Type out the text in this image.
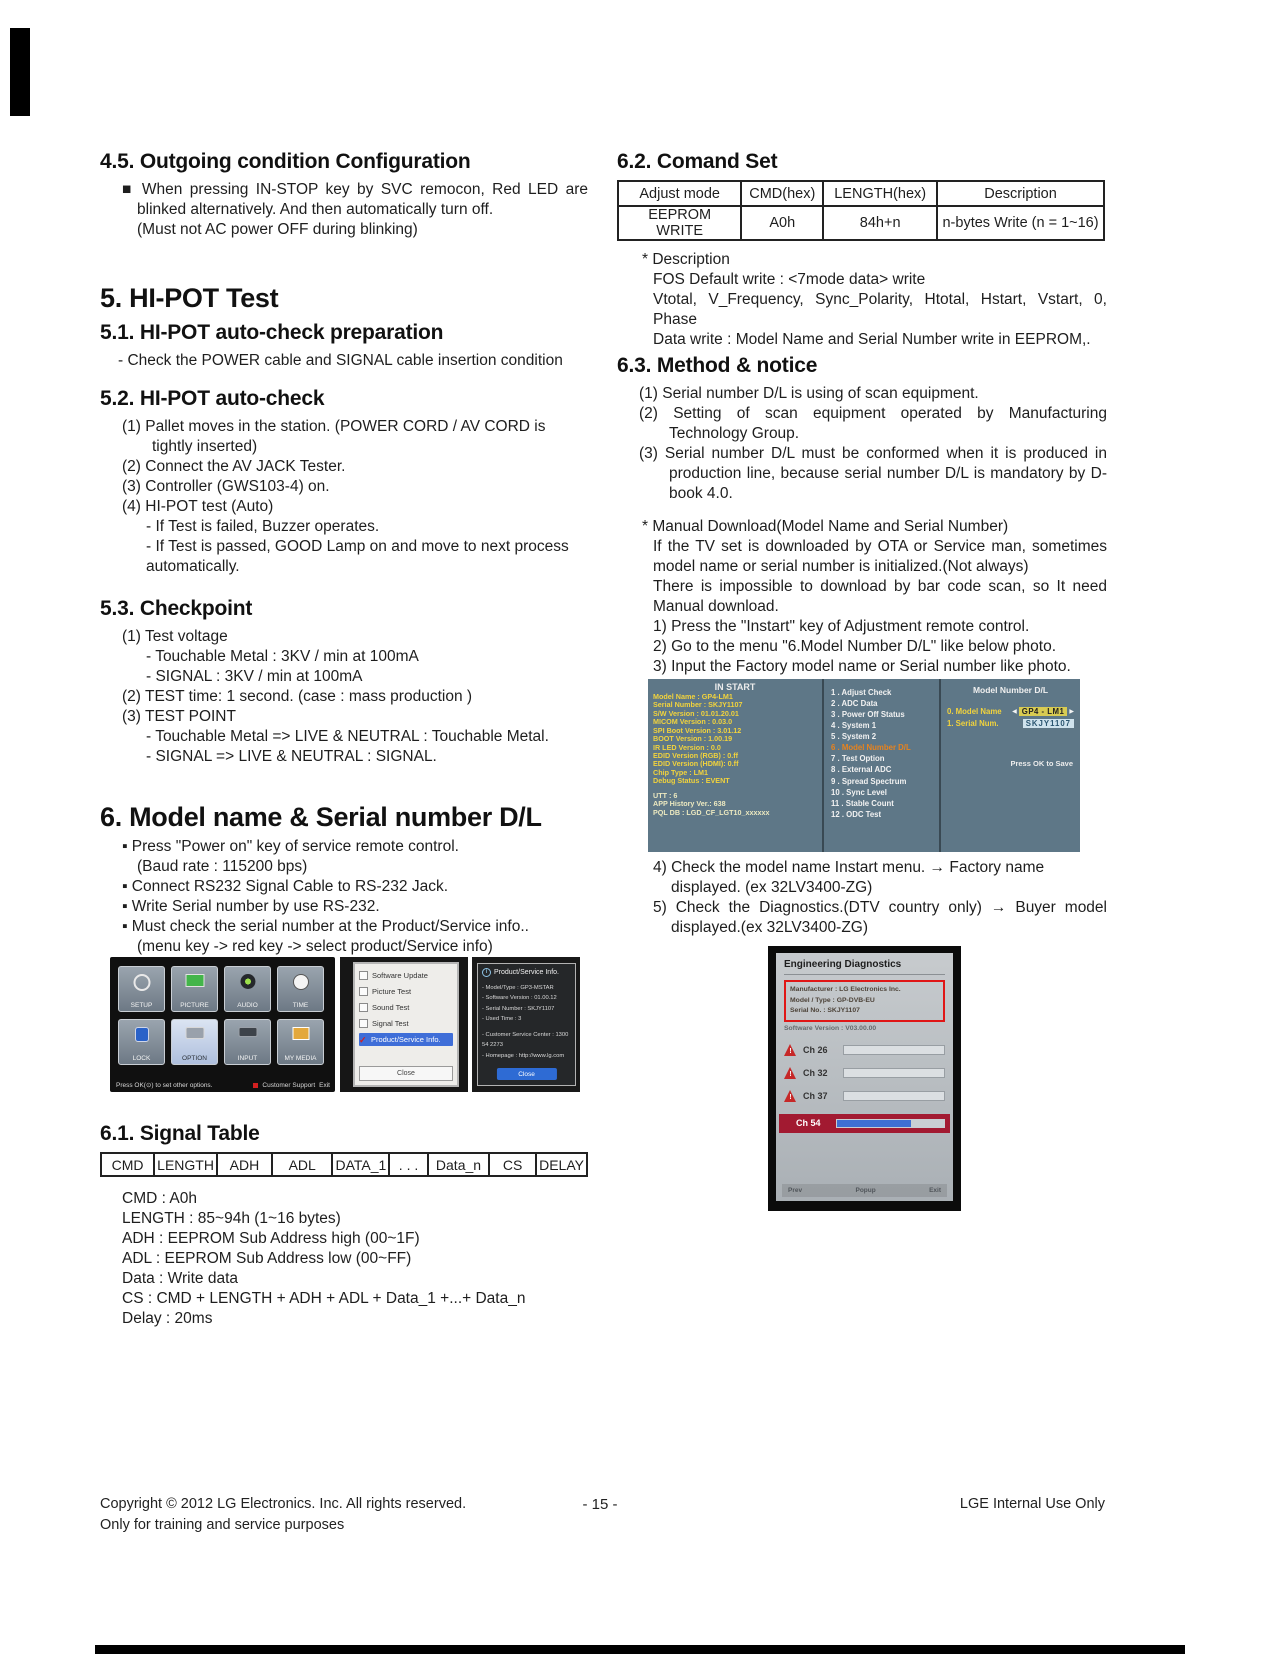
4.5. Outgoing condition Configuration
■ When pressing IN-STOP key by SVC remocon, Red LED are blinked alternatively. And then automatically turn off.
(Must not AC power OFF during blinking)
5. HI-POT Test
5.1. HI-POT auto-check preparation
- Check the POWER cable and SIGNAL cable insertion condition
5.2. HI-POT auto-check
(1) Pallet moves in the station. (POWER CORD / AV CORD is tightly inserted)
(2) Connect the AV JACK Tester.
(3) Controller (GWS103-4) on.
(4) HI-POT test (Auto)
- If Test is failed, Buzzer operates.
- If Test is passed, GOOD Lamp on and move to next process automatically.
5.3. Checkpoint
(1) Test voltage
- Touchable Metal : 3KV / min at 100mA
- SIGNAL : 3KV / min at 100mA
(2) TEST time: 1 second. (case : mass production )
(3) TEST POINT
- Touchable Metal => LIVE & NEUTRAL : Touchable Metal.
- SIGNAL => LIVE & NEUTRAL : SIGNAL.
6. Model name & Serial number D/L
▪ Press "Power on" key of service remote control.
(Baud rate : 115200 bps)
▪ Connect RS232 Signal Cable to RS-232 Jack.
▪ Write Serial number by use RS-232.
▪ Must check the serial number at the Product/Service info..
(menu key -> red key -> select product/Service info)
SETUP	PICTURE	AUDIO	TIME
LOCK	OPTION	INPUT	MY MEDIA
Press OK(⊙) to set other options.	Customer Support Exit
Software Update
Picture Test
Sound Test
Signal Test
✓ Product/Service Info.
Close
i Product/Service Info.
- Model/Type : GP3-MSTAR
- Software Version : 01.00.12
- Serial Number : SKJY1107
- Used Time : 3
- Customer Service Center : 1300 54 2273
- Homepage : http://www.lg.com
Close
6.1. Signal Table
CMD	LENGTH	ADH	ADL	DATA_1	. . .	Data_n	CS	DELAY
CMD : A0h
LENGTH : 85~94h (1~16 bytes)
ADH : EEPROM Sub Address high (00~1F)
ADL : EEPROM Sub Address low (00~FF)
Data : Write data
CS : CMD + LENGTH + ADH + ADL + Data_1 +...+ Data_n
Delay : 20ms
6.2. Comand Set
Adjust mode	CMD(hex)	LENGTH(hex)	Description
EEPROM WRITE	A0h	84h+n	n-bytes Write (n = 1~16)
* Description
FOS Default write : <7mode data> write
Vtotal, V_Frequency, Sync_Polarity, Htotal, Hstart, Vstart, 0, Phase
Data write : Model Name and Serial Number write in EEPROM,.
6.3. Method & notice
(1) Serial number D/L is using of scan equipment.
(2) Setting of scan equipment operated by Manufacturing Technology Group.
(3) Serial number D/L must be conformed when it is produced in production line, because serial number D/L is mandatory by D-book 4.0.
* Manual Download(Model Name and Serial Number)
If the TV set is downloaded by OTA or Service man, sometimes model name or serial number is initialized.(Not always)
There is impossible to download by bar code scan, so It need Manual download.
1) Press the "Instart" key of Adjustment remote control.
2) Go to the menu "6.Model Number D/L" like below photo.
3) Input the Factory model name or Serial number like photo.
IN START
Model Name : GP4-LM1
Serial Number : SKJY1107
S/W Version : 01.01.20.01
MICOM Version : 0.03.0
SPI Boot Version : 3.01.12
BOOT Version : 1.00.19
IR LED Version : 0.0
EDID Version (RGB) : 0.ff
EDID Version (HDMI): 0.ff
Chip Type : LM1
Debug Status : EVENT
UTT : 6
APP History Ver.: 638
PQL DB : LGD_CF_LGT10_xxxxxx
1 . Adjust Check
2 . ADC Data
3 . Power Off Status
4 . System 1
5 . System 2
6 . Model Number D/L
7 . Test Option
8 . External ADC
9 . Spread Spectrum
10 . Sync Level
11 . Stable Count
12 . ODC Test
Model Number D/L
0. Model Name ◀ GP4 - LM1 ▶
1. Serial Num.	SKJY1107
Press OK to Save
4) Check the model name Instart menu. → Factory name displayed. (ex 32LV3400-ZG)
5) Check the Diagnostics.(DTV country only) → Buyer model displayed.(ex 32LV3400-ZG)
Engineering Diagnostics
Manufacturer : LG Electronics Inc.
Model / Type : GP-DVB-EU
Serial No. : SKJY1107
Software Version : V03.00.00
!	Ch 26
!	Ch 32
!	Ch 37
Ch 54
Prev	Popup	Exit
Copyright © 2012 LG Electronics. Inc. All rights reserved.
Only for training and service purposes
- 15 -	LGE Internal Use Only
